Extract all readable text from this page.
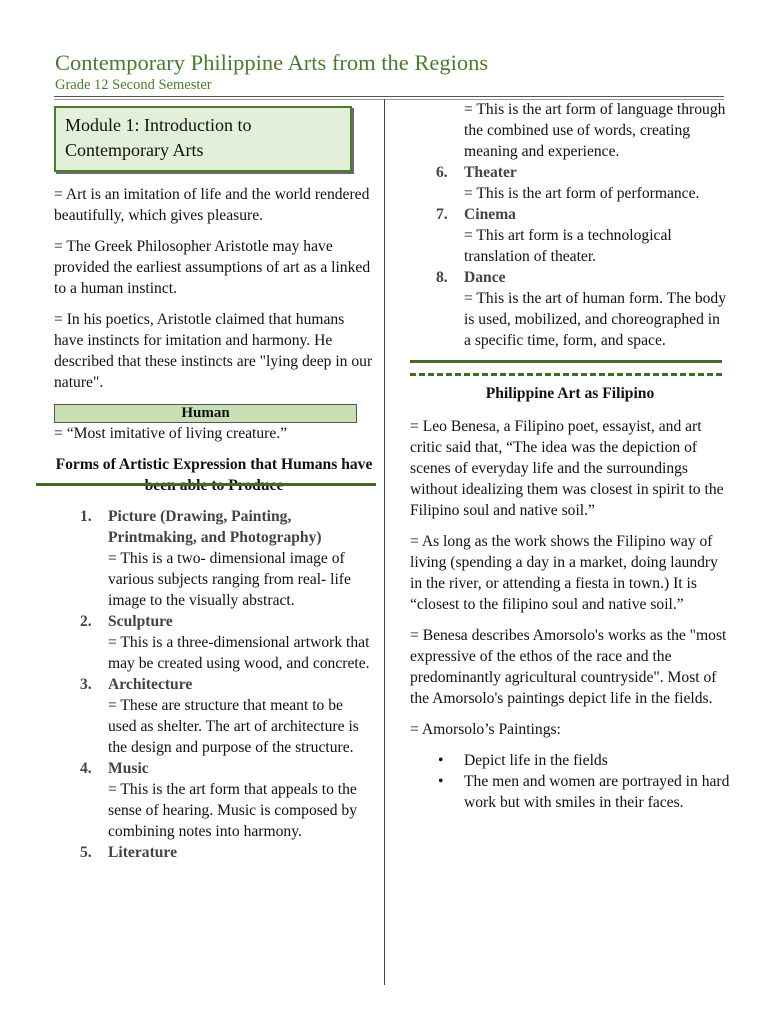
Contemporary Philippine Arts from the Regions
Grade 12 Second Semester
Module 1: Introduction to Contemporary Arts

= Art is an imitation of life and the world rendered beautifully, which gives pleasure.

= The Greek Philosopher Aristotle may have provided the earliest assumptions of art as a linked to a human instinct.

= In his poetics, Aristotle claimed that humans have instincts for imitation and harmony. He described that these instincts are "lying deep in our nature".

Human

= “Most imitative of living creature.”

Forms of Artistic Expression that Humans have
1. Picture (Drawing, Painting, Printmaking, and Photography)
= This is a two- dimensional image of various subjects ranging from real- life image to the visually abstract.
2. Sculpture
= This is a three-dimensional artwork that may be created using wood, and concrete.
3. Architecture
= These are structure that meant to be used as shelter. The art of architecture is the design and purpose of the structure.
4. Music
= This is the art form that appeals to the sense of hearing. Music is composed by combining notes into harmony.
5. Literature

= This is the art form of language through the combined use of words, creating meaning and experience.

6. Theater
= This is the art form of performance.
7. Cinema
= This art form is a technological translation of theater.
8. Dance
= This is the art of human form. The body is used, mobilized, and choreographed in a specific time, form, and space.

Philippine Art as Filipino

= Leo Benesa, a Filipino poet, essayist, and art critic said that, “The idea was the depiction of scenes of everyday life and the surroundings without idealizing them was closest in spirit to the Filipino soul and native soil.”

= As long as the work shows the Filipino way of living (spending a day in a market, doing laundry in the river, or attending a fiesta in town.) It is “closest to the filipino soul and native soil.”

= Benesa describes Amorsolo's works as the "most expressive of the ethos of the race and the predominantly agricultural countryside". Most of the Amorsolo's paintings depict life in the fields.

= Amorsolo’s Paintings:

• Depict life in the fields
• The men and women are portrayed in hard work but with smiles in their faces.
